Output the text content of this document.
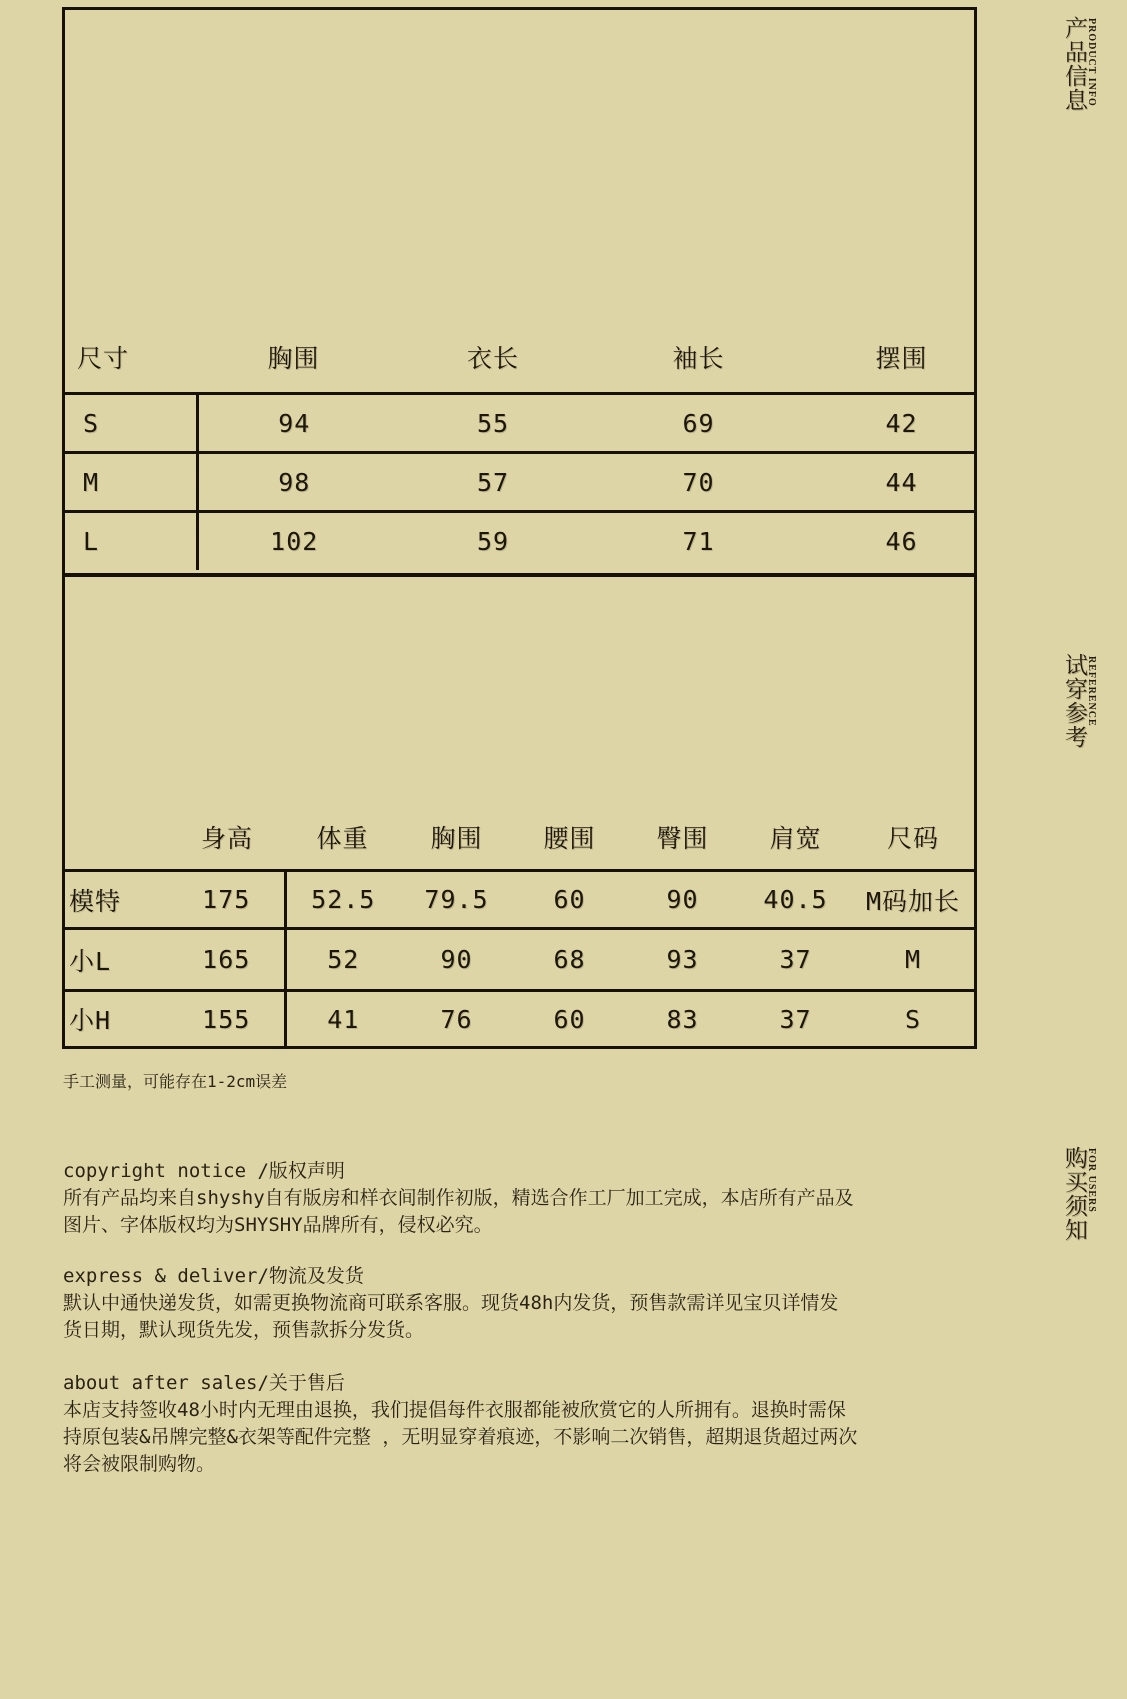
尺寸	胸围	衣长	袖长	摆围
S	94	55	69	42
M	98	57	70	44
L	102	59	71	46
	身高	体重	胸围	腰围	臀围	肩宽	尺码
模特	175	52.5	79.5	60	90	40.5	M码加长
小L	165	52	90	68	93	37	M
小H	155	41	76	60	83	37	S
手工测量，可能存在1-2cm误差
copyright notice /版权声明
所有产品均来自shyshy自有版房和样衣间制作初版，精选合作工厂加工完成，本店所有产品及
图片、字体版权均为SHYSHY品牌所有，侵权必究。
express & deliver/物流及发货
默认中通快递发货，如需更换物流商可联系客服。现货48h内发货，预售款需详见宝贝详情发
货日期，默认现货先发，预售款拆分发货。
about after sales/关于售后
本店支持签收48小时内无理由退换，我们提倡每件衣服都能被欣赏它的人所拥有。退换时需保
持原包装&吊牌完整&衣架等配件完整 ，无明显穿着痕迹，不影响二次销售，超期退货超过两次
将会被限制购物。
产品信息 PRODUCT INFO
试穿参考 REFERENCE
购买须知 FOR USERS
